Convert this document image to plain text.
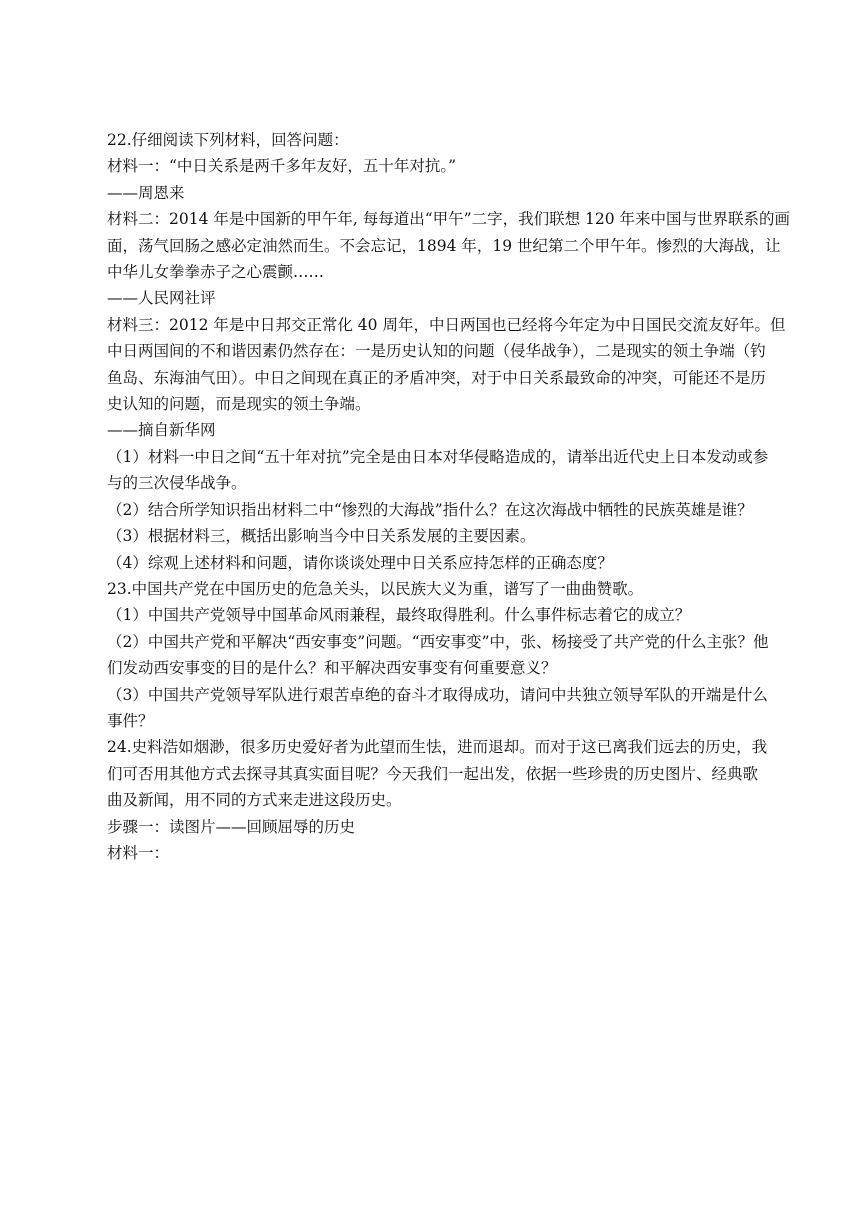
22.仔细阅读下列材料，回答问题：
材料一：“中日关系是两千多年友好，五十年对抗。”
——周恩来
材料二：2014 年是中国新的甲午年, 每每道出“甲午”二字，我们联想 120 年来中国与世界联系的画
面，荡气回肠之感必定油然而生。不会忘记，1894 年，19 世纪第二个甲午年。惨烈的大海战，让
中华儿女拳拳赤子之心震颤……
——人民网社评
材料三：2012 年是中日邦交正常化 40 周年，中日两国也已经将今年定为中日国民交流友好年。但
中日两国间的不和谐因素仍然存在：一是历史认知的问题（侵华战争），二是现实的领土争端（钓
鱼岛、东海油气田）。中日之间现在真正的矛盾冲突，对于中日关系最致命的冲突，可能还不是历
史认知的问题，而是现实的领土争端。
——摘自新华网
（1）材料一中日之间“五十年对抗”完全是由日本对华侵略造成的，请举出近代史上日本发动或参
与的三次侵华战争。
（2）结合所学知识指出材料二中“惨烈的大海战”指什么？在这次海战中牺牲的民族英雄是谁？
（3）根据材料三，概括出影响当今中日关系发展的主要因素。
（4）综观上述材料和问题，请你谈谈处理中日关系应持怎样的正确态度？
23.中国共产党在中国历史的危急关头，以民族大义为重，谱写了一曲曲赞歌。
（1）中国共产党领导中国革命风雨兼程，最终取得胜利。什么事件标志着它的成立？
（2）中国共产党和平解决“西安事变”问题。“西安事变”中，张、杨接受了共产党的什么主张？他
们发动西安事变的目的是什么？和平解决西安事变有何重要意义？
（3）中国共产党领导军队进行艰苦卓绝的奋斗才取得成功，请问中共独立领导军队的开端是什么
事件？
24.史料浩如烟渺，很多历史爱好者为此望而生怯，进而退却。而对于这已离我们远去的历史，我
们可否用其他方式去探寻其真实面目呢？今天我们一起出发，依据一些珍贵的历史图片、经典歌
曲及新闻，用不同的方式来走进这段历史。
步骤一：读图片——回顾屈辱的历史
材料一：
